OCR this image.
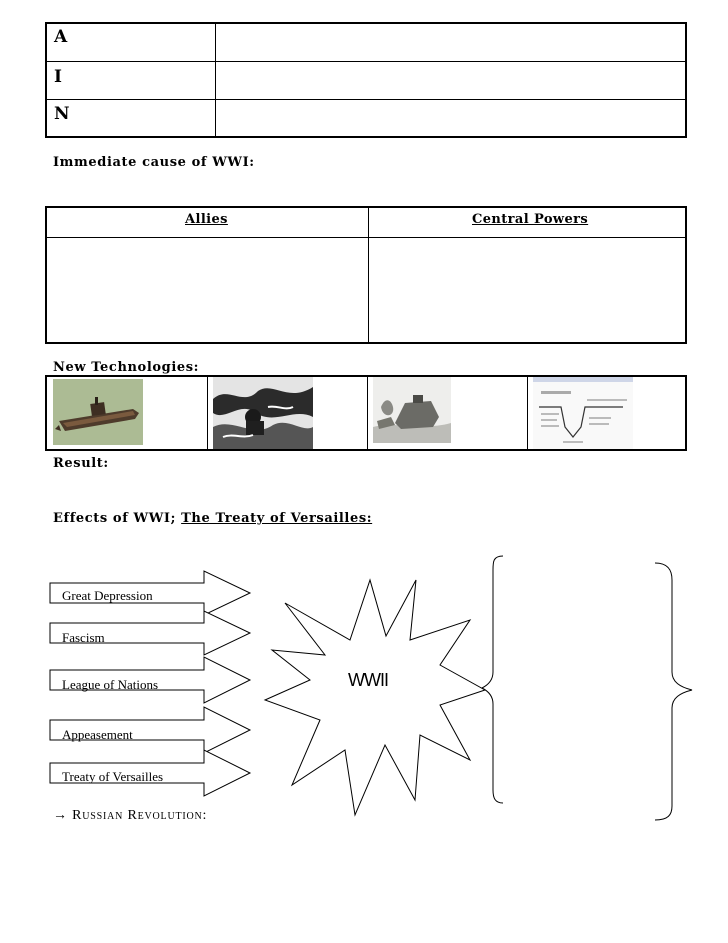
A
I
N
Immediate cause of WWI:
Allies	Central Powers
New Technologies:
Result:
Effects of WWI; The Treaty of Versailles:
Great Depression
Fascism
League of Nations
Appeasement
Treaty of Versailles
WWII
→ Russian Revolution:
